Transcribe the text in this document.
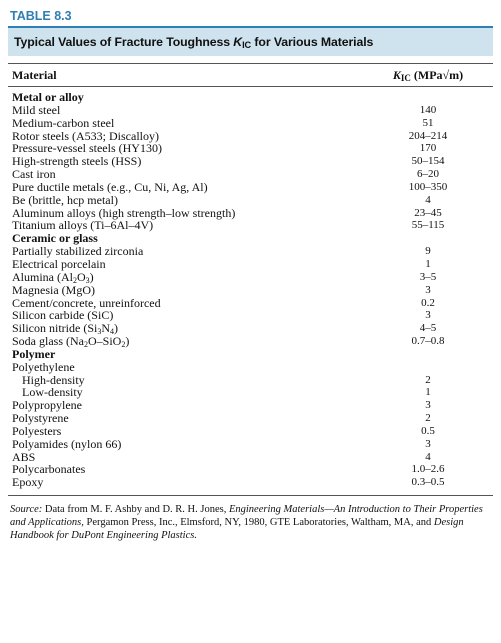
TABLE 8.3
Typical Values of Fracture Toughness $K_{IC}$ for Various Materials
Material	$K_{IC}$ (MPa√m)
Metal or alloy
Mild steel	140
Medium-carbon steel	51
Rotor steels (A533; Discalloy)	204–214
Pressure-vessel steels (HY130)	170
High-strength steels (HSS)	50–154
Cast iron	6–20
Pure ductile metals (e.g., Cu, Ni, Ag, Al)	100–350
Be (brittle, hcp metal)	4
Aluminum alloys (high strength–low strength)	23–45
Titanium alloys (Ti–6Al–4V)	55–115
Ceramic or glass
Partially stabilized zirconia	9
Electrical porcelain	1
Alumina $(Al_2O_3)$	3–5
Magnesia (MgO)	3
Cement/concrete, unreinforced	0.2
Silicon carbide (SiC)	3
Silicon nitride $(Si_3N_4)$	4–5
Soda glass $(Na_2O-SiO_2)$	0.7–0.8
Polymer
Polyethylene
High-density	2
Low-density	1
Polypropylene	3
Polystyrene	2
Polyesters	0.5
Polyamides (nylon 66)	3
ABS	4
Polycarbonates	1.0–2.6
Epoxy	0.3–0.5
Source: Data from M. F. Ashby and D. R. H. Jones, Engineering Materials—An Introduction to Their Properties and Applications, Pergamon Press, Inc., Elmsford, NY, 1980, GTE Laboratories, Waltham, MA, and Design Handbook for DuPont Engineering Plastics.
